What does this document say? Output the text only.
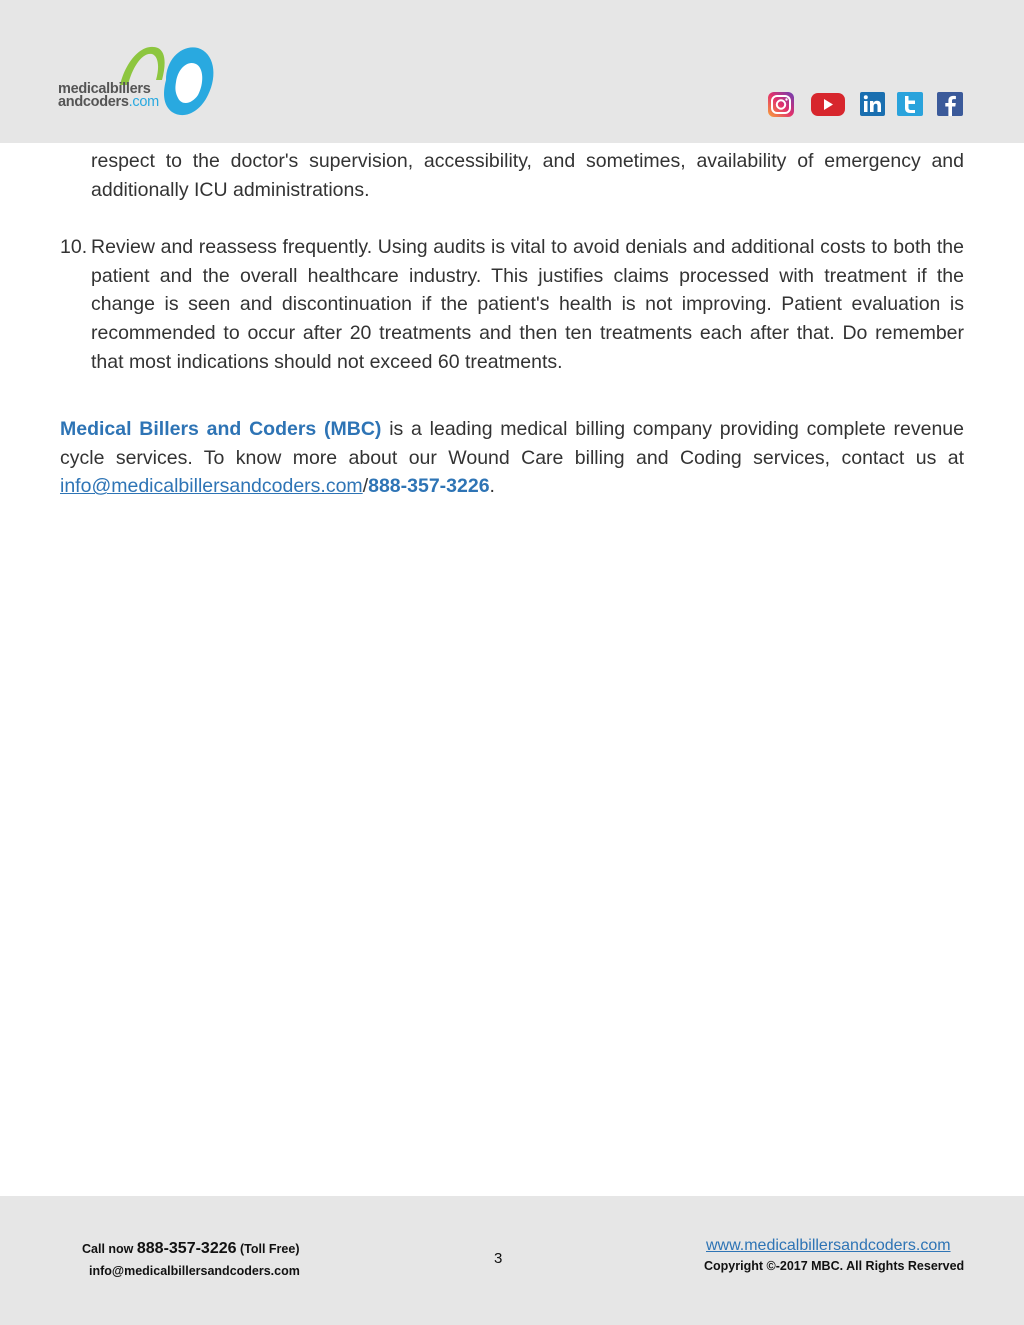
medicalbillers
andcoders.com
respect to the doctor's supervision, accessibility, and sometimes, availability of emergency and additionally ICU administrations.
10. Review and reassess frequently. Using audits is vital to avoid denials and additional costs to both the patient and the overall healthcare industry. This justifies claims processed with treatment if the change is seen and discontinuation if the patient's health is not improving. Patient evaluation is recommended to occur after 20 treatments and then ten treatments each after that. Do remember that most indications should not exceed 60 treatments.
Medical Billers and Coders (MBC) is a leading medical billing company providing complete revenue cycle services. To know more about our Wound Care billing and Coding services, contact us at info@medicalbillersandcoders.com/888-357-3226.
Call now 888-357-3226 (Toll Free)
info@medicalbillersandcoders.com
3
www.medicalbillersandcoders.com
Copyright ©-2017 MBC. All Rights Reserved
